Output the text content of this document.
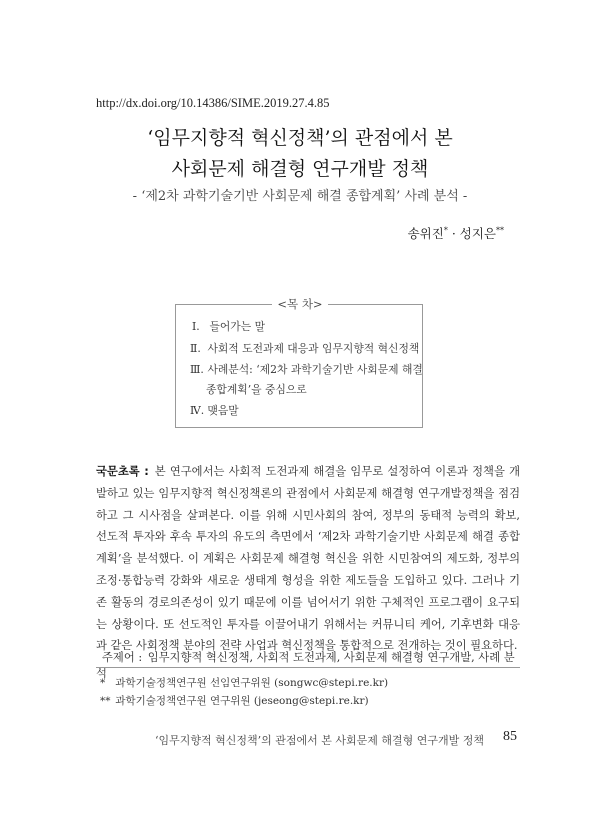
http://dx.doi.org/10.14386/SIME.2019.27.4.85
‘임무지향적 혁신정책’의 관점에서 본
사회문제 해결형 연구개발 정책
- ‘제2차 과학기술기반 사회문제 해결 종합계획’ 사례 분석 -
송위진* · 성지은**
<목 차>
Ⅰ. 들어가는 말
Ⅱ. 사회적 도전과제 대응과 임무지향적 혁신정책
Ⅲ. 사례분석: ‘제2차 과학기술기반 사회문제 해결
종합계획’을 중심으로
Ⅳ. 맺음말
국문초록 : 본 연구에서는 사회적 도전과제 해결을 임무로 설정하여 이론과 정책을 개발하고 있는 임무지향적 혁신정책론의 관점에서 사회문제 해결형 연구개발정책을 점검하고 그 시사점을 살펴본다. 이를 위해 시민사회의 참여, 정부의 동태적 능력의 확보, 선도적 투자와 후속 투자의 유도의 측면에서 ‘제2차 과학기술기반 사회문제 해결 종합계획’을 분석했다. 이 계획은 사회문제 해결형 혁신을 위한 시민참여의 제도화, 정부의 조정·통합능력 강화와 새로운 생태계 형성을 위한 제도들을 도입하고 있다. 그러나 기존 활동의 경로의존성이 있기 때문에 이를 넘어서기 위한 구체적인 프로그램이 요구되는 상황이다. 또 선도적인 투자를 이끌어내기 위해서는 커뮤니티 케어, 기후변화 대응과 같은 사회정책 분야의 전략 사업과 혁신정책을 통합적으로 전개하는 것이 필요하다.
주제어 : 임무지향적 혁신정책, 사회적 도전과제, 사회문제 해결형 연구개발, 사례 분석
* 과학기술정책연구원 선임연구위원 (songwc@stepi.re.kr)
** 과학기술정책연구원 연구위원 (jeseong@stepi.re.kr)
‘임무지향적 혁신정책’의 관점에서 본 사회문제 해결형 연구개발 정책 85
